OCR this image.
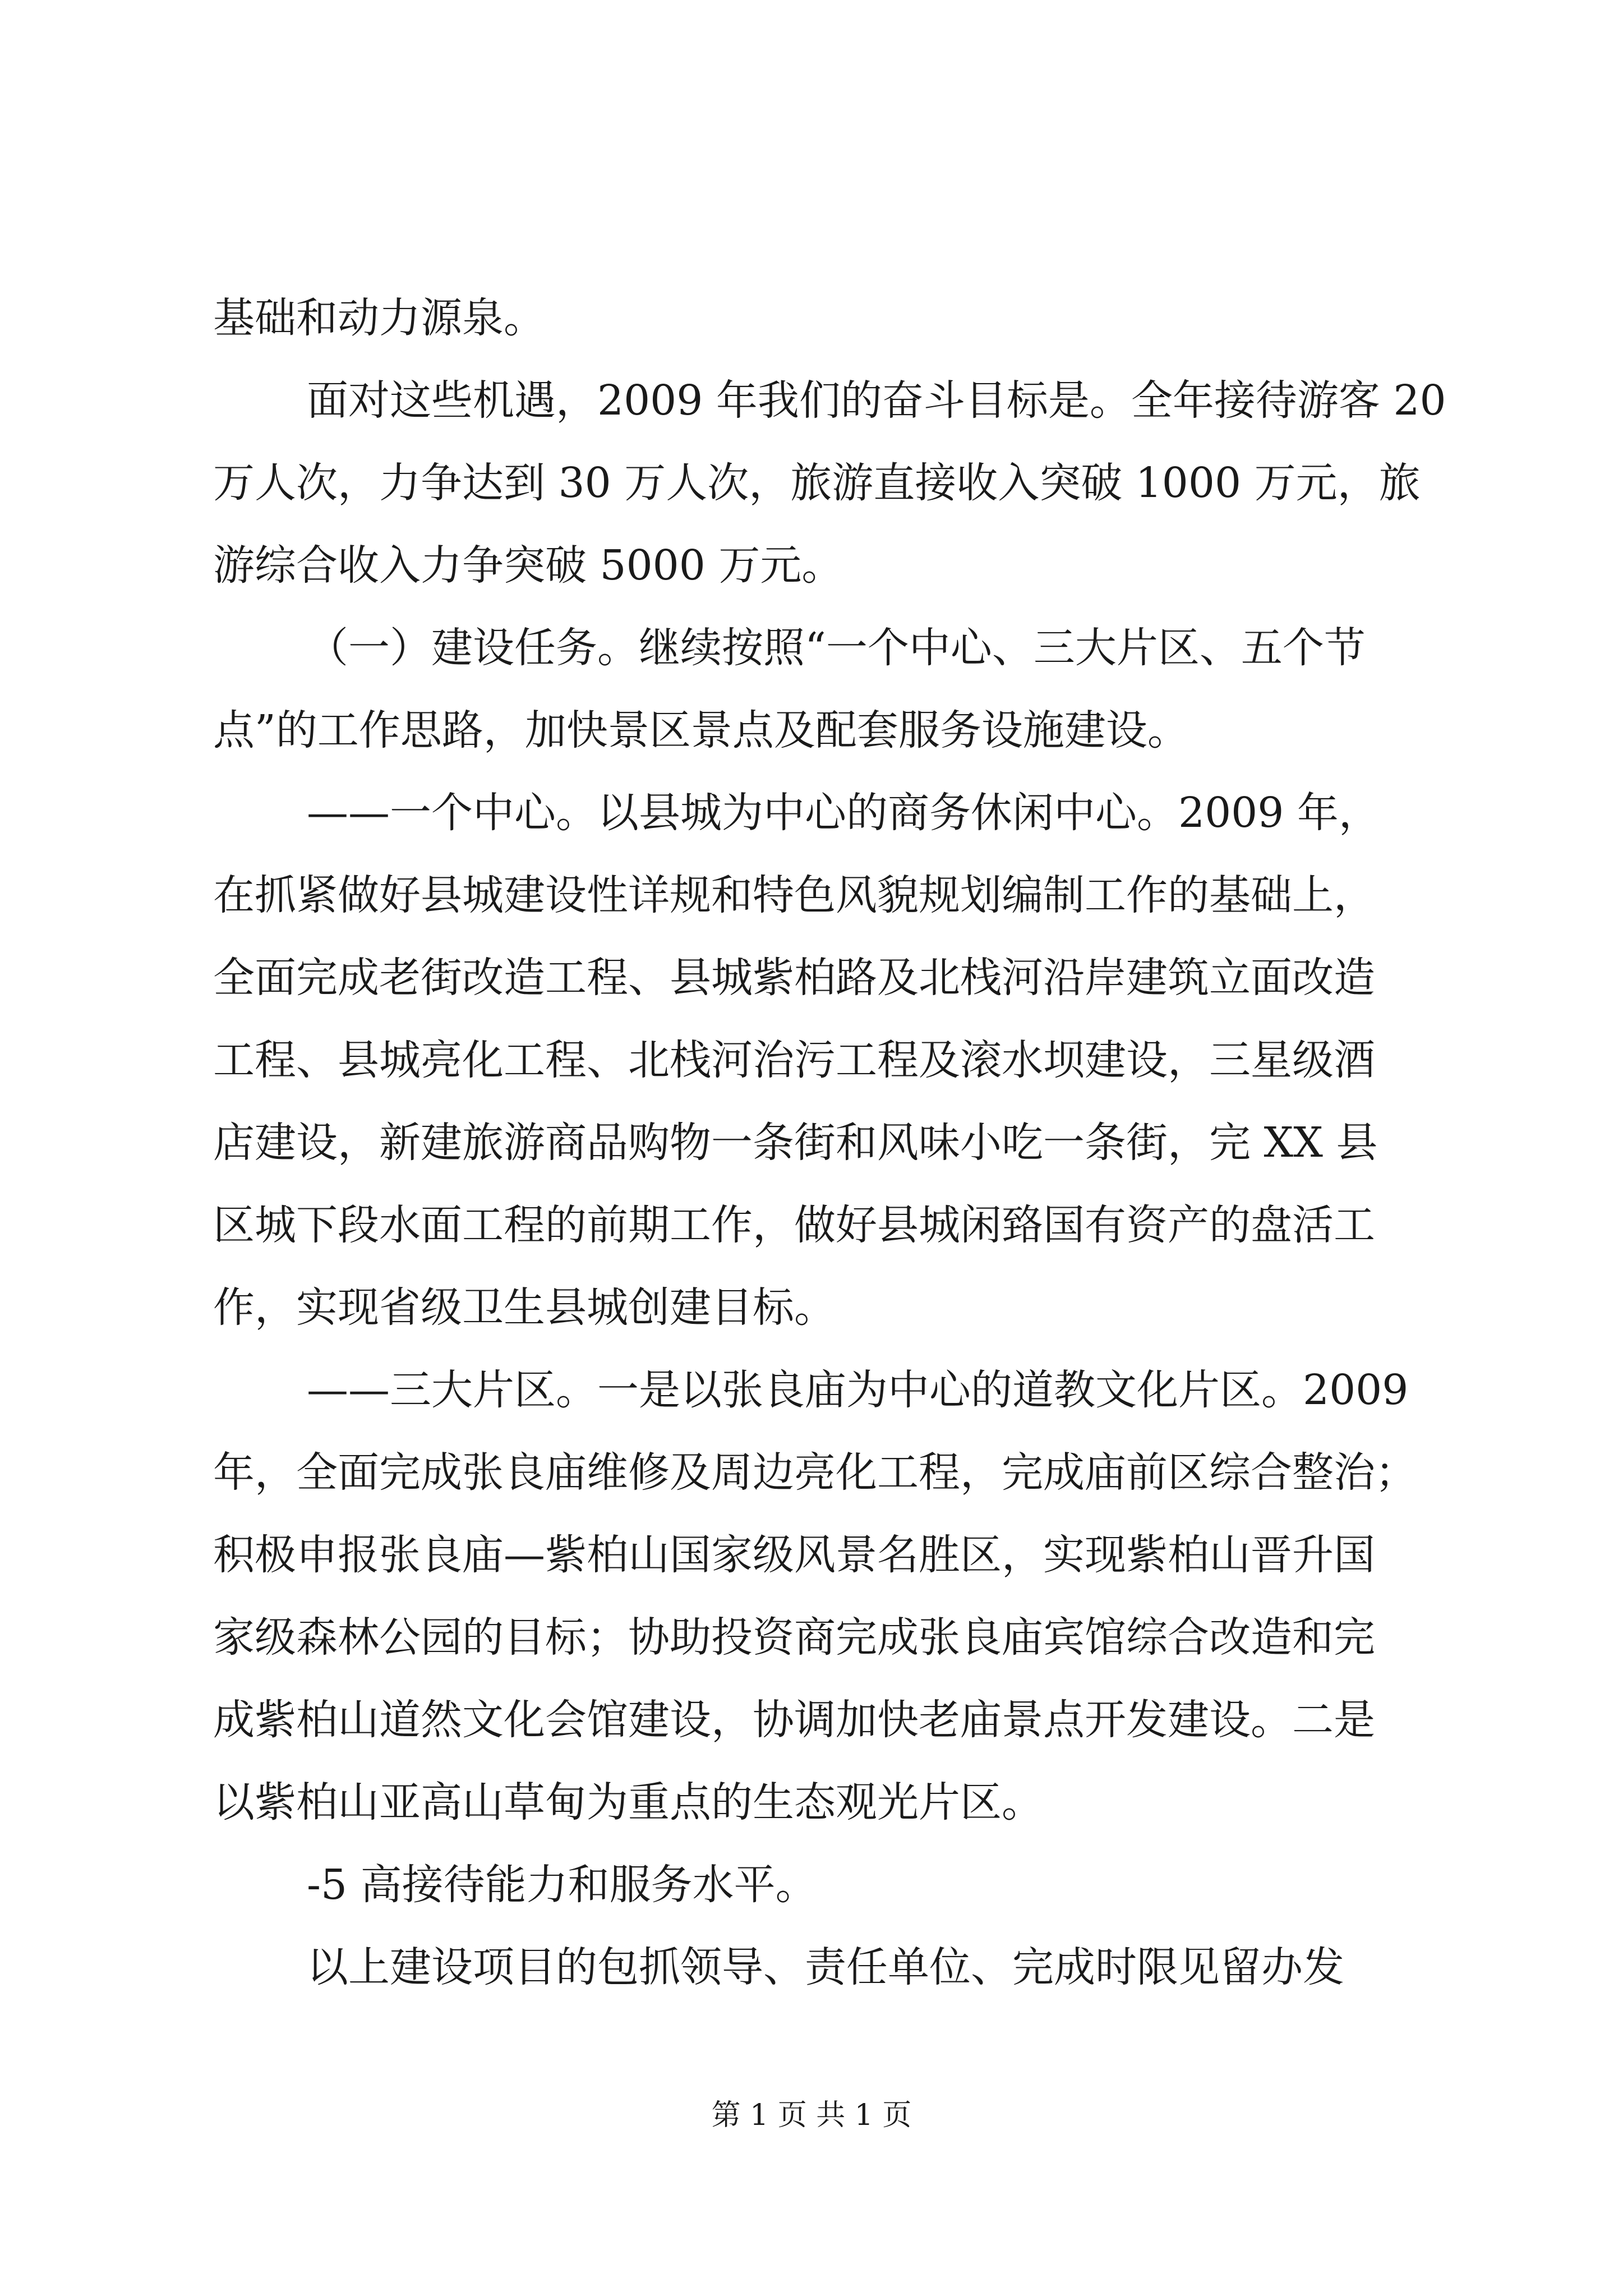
基础和动力源泉。
面对这些机遇，2009 年我们的奋斗目标是。全年接待游客 20
万人次，力争达到 30 万人次，旅游直接收入突破 1000 万元，旅
游综合收入力争突破 5000 万元。
（一）建设任务。继续按照“一个中心、三大片区、五个节
点”的工作思路，加快景区景点及配套服务设施建设。
——一个中心。以县城为中心的商务休闲中心。2009 年，
在抓紧做好县城建设性详规和特色风貌规划编制工作的基础上，
全面完成老街改造工程、县城紫柏路及北栈河沿岸建筑立面改造
工程、县城亮化工程、北栈河治污工程及滚水坝建设，三星级酒
店建设，新建旅游商品购物一条街和风味小吃一条街，完 XX 县
区城下段水面工程的前期工作，做好县城闲臵国有资产的盘活工
作，实现省级卫生县城创建目标。
——三大片区。一是以张良庙为中心的道教文化片区。2009
年，全面完成张良庙维修及周边亮化工程，完成庙前区综合整治；
积极申报张良庙—紫柏山国家级风景名胜区，实现紫柏山晋升国
家级森林公园的目标；协助投资商完成张良庙宾馆综合改造和完
成紫柏山道然文化会馆建设，协调加快老庙景点开发建设。二是
以紫柏山亚高山草甸为重点的生态观光片区。
-5 高接待能力和服务水平。
以上建设项目的包抓领导、责任单位、完成时限见留办发
第 1 页 共 1 页
